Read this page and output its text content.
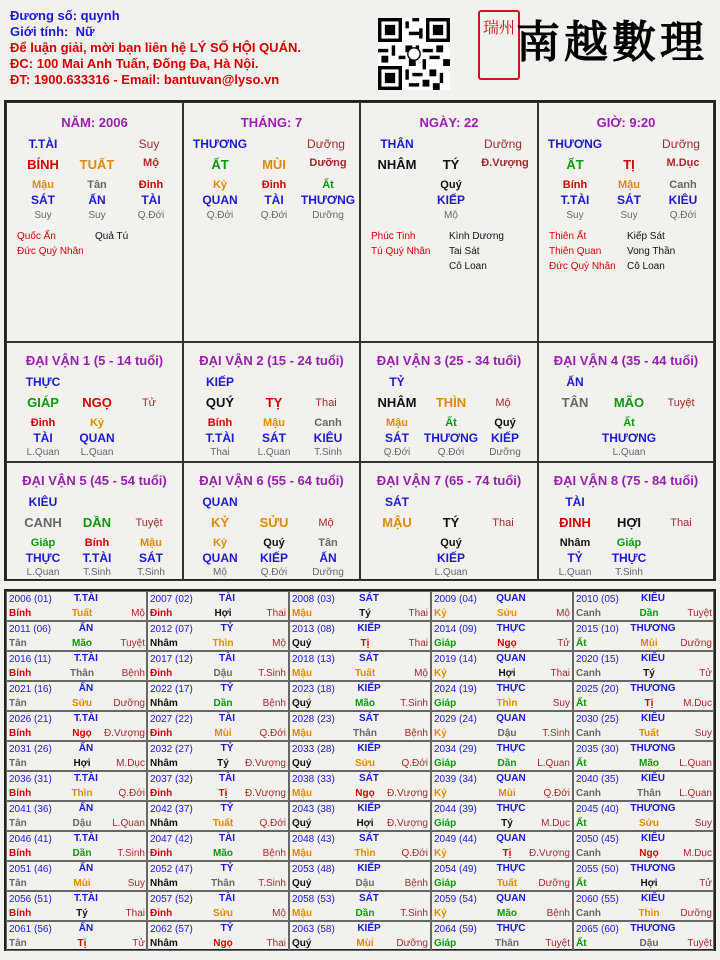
Đương số: quynh
Giới tính: Nữ
Để luận giải, mời bạn liên hệ LÝ SỐ HỘI QUÁN.
ĐC: 100 Mai Anh Tuấn, Đống Đa, Hà Nội.
ĐT: 1900.633316 - Email: bantuvan@lyso.vn
瑞州 南越數理
NĂM: 2006
T.TÀI	Suy
BÍNH	TUẤT	Mộ
Mậu
SÁT
Suy
Tân
ẤN
Suy
Đinh
TÀI
Q.Đới
Quốc Ấn	Quả Tú
Đức Quý Nhân
THÁNG: 7
THƯƠNG	Dưỡng
ẤT	MÙI	Dưỡng
Kỷ
QUAN
Q.Đới
Đinh
TÀI
Q.Đới
Ất
THƯƠNG
Dưỡng
NGÀY: 22
THÂN	Dưỡng
NHÂM	TÝ	Đ.Vượng
Quý
KIẾP
Mộ
Phúc Tinh	Kình Dương
Tú Quý Nhân Tai Sát
Cô Loan
GIỜ: 9:20
THƯƠNG	Dưỡng
ẤT	TỊ	M.Dục
Bính
T.TÀI
Suy
Mậu
SÁT
Suy
Canh
KIÊU
Q.Đới
Thiên Ất	Kiếp Sát
Thiên Quan	Vong Thần
Đức Quý Nhân Cô Loan
ĐẠI VẬN 1 (5 - 14 tuổi)
THỰC
GIÁP	NGỌ	Tử
Đinh
TÀI
L.Quan
Kỷ
QUAN
L.Quan
ĐẠI VẬN 2 (15 - 24 tuổi)
KIẾP
QUÝ	TỴ	Thai
Bính
T.TÀI
Thai
Mậu
SÁT
L.Quan
Canh
KIÊU
T.Sinh
ĐẠI VẬN 3 (25 - 34 tuổi)
TỶ
NHÂM	THÌN	Mộ
Mậu
SÁT
Q.Đới
Ất
THƯƠNG
Q.Đới
Quý
KIẾP
Dưỡng
ĐẠI VẬN 4 (35 - 44 tuổi)
ẤN
TÂN	MÃO	Tuyệt
Ất
THƯƠNG
L.Quan
ĐẠI VẬN 5 (45 - 54 tuổi)
KIÊU
CANH	DẦN	Tuyệt
Giáp
THỰC
L.Quan
Bính
T.TÀI
T.Sinh
Mậu
SÁT
T.Sinh
ĐẠI VẬN 6 (55 - 64 tuổi)
QUAN
KỶ	SỬU	Mộ
Kỷ
QUAN
Mộ
Quý
KIẾP
Q.Đới
Tân
ẤN
Dưỡng
ĐẠI VẬN 7 (65 - 74 tuổi)
SÁT
MẬU	TÝ	Thai
Quý
KIẾP
L.Quan
ĐẠI VẬN 8 (75 - 84 tuổi)
TÀI
ĐINH	HỢI	Thai
Nhâm
TỶ
L.Quan
Giáp
THỰC
T.Sinh
2006 (01)	T.TÀI
Bính	Tuất	Mộ
2007 (02)	TÀI
Đinh	Hợi	Thai
2008 (03)	SÁT
Mậu	Tý	Thai
2009 (04)	QUAN
Kỷ	Sửu	Mộ
2010 (05)	KIÊU
Canh	Dần	Tuyệt
2011 (06)	ẤN
Tân	Mão	Tuyệt
2012 (07)	TỶ
Nhâm	Thìn	Mộ
2013 (08)	KIẾP
Quý	Tị	Thai
2014 (09)	THỰC
Giáp	Ngọ	Tử
2015 (10) THƯƠNG
Ất	Mùi	Dưỡng
2016 (11)	T.TÀI
Bính	Thân	Bệnh
2017 (12)	TÀI
Đinh	Dậu	T.Sinh
2018 (13)	SÁT
Mậu	Tuất	Mộ
2019 (14)	QUAN
Kỷ	Hợi	Thai
2020 (15)	KIÊU
Canh	Tý	Tử
2021 (16)	ẤN
Tân	Sửu	Dưỡng
2022 (17)	TỶ
Nhâm	Dần	Bệnh
2023 (18)	KIẾP
Quý	Mão	T.Sinh
2024 (19)	THỰC
Giáp	Thìn	Suy
2025 (20) THƯƠNG
Ất	Tị	M.Dục
2026 (21)	T.TÀI
Bính	Ngọ	Đ.Vượng
2027 (22)	TÀI
Đinh	Mùi	Q.Đới
2028 (23)	SÁT
Mậu	Thân	Bệnh
2029 (24)	QUAN
Kỷ	Dậu	T.Sinh
2030 (25)	KIÊU
Canh	Tuất	Suy
2031 (26)	ẤN
Tân	Hợi	M.Dục
2032 (27)	TỶ
Nhâm	Tý	Đ.Vượng
2033 (28)	KIẾP
Quý	Sửu	Q.Đới
2034 (29)	THỰC
Giáp	Dần	L.Quan
2035 (30) THƯƠNG
Ất	Mão	L.Quan
2036 (31)	T.TÀI
Bính	Thìn	Q.Đới
2037 (32)	TÀI
Đinh	Tị	Đ.Vượng
2038 (33)	SÁT
Mậu	Ngọ	Đ.Vượng
2039 (34)	QUAN
Kỷ	Mùi	Q.Đới
2040 (35)	KIÊU
Canh	Thân	L.Quan
2041 (36)	ẤN
Tân	Dậu	L.Quan
2042 (37)	TỶ
Nhâm	Tuất	Q.Đới
2043 (38)	KIẾP
Quý	Hợi	Đ.Vượng
2044 (39)	THỰC
Giáp	Tý	M.Dục
2045 (40) THƯƠNG
Ất	Sửu	Suy
2046 (41)	T.TÀI
Bính	Dần	T.Sinh
2047 (42)	TÀI
Đinh	Mão	Bệnh
2048 (43)	SÁT
Mậu	Thìn	Q.Đới
2049 (44)	QUAN
Kỷ	Tị	Đ.Vượng
2050 (45)	KIÊU
Canh	Ngọ	M.Dục
2051 (46)	ẤN
Tân	Mùi	Suy
2052 (47)	TỶ
Nhâm	Thân	T.Sinh
2053 (48)	KIẾP
Quý	Dậu	Bệnh
2054 (49)	THỰC
Giáp	Tuất	Dưỡng
2055 (50) THƯƠNG
Ất	Hợi	Tử
2056 (51)	T.TÀI
Bính	Tý	Thai
2057 (52)	TÀI
Đinh	Sửu	Mộ
2058 (53)	SÁT
Mậu	Dần	T.Sinh
2059 (54)	QUAN
Kỷ	Mão	Bệnh
2060 (55)	KIÊU
Canh	Thìn	Dưỡng
2061 (56)	ẤN
Tân	Tị	Tử
2062 (57)	TỶ
Nhâm	Ngọ	Thai
2063 (58)	KIẾP
Quý	Mùi	Dưỡng
2064 (59)	THỰC
Giáp	Thân	Tuyệt
2065 (60) THƯƠNG
Ất	Dậu	Tuyệt
